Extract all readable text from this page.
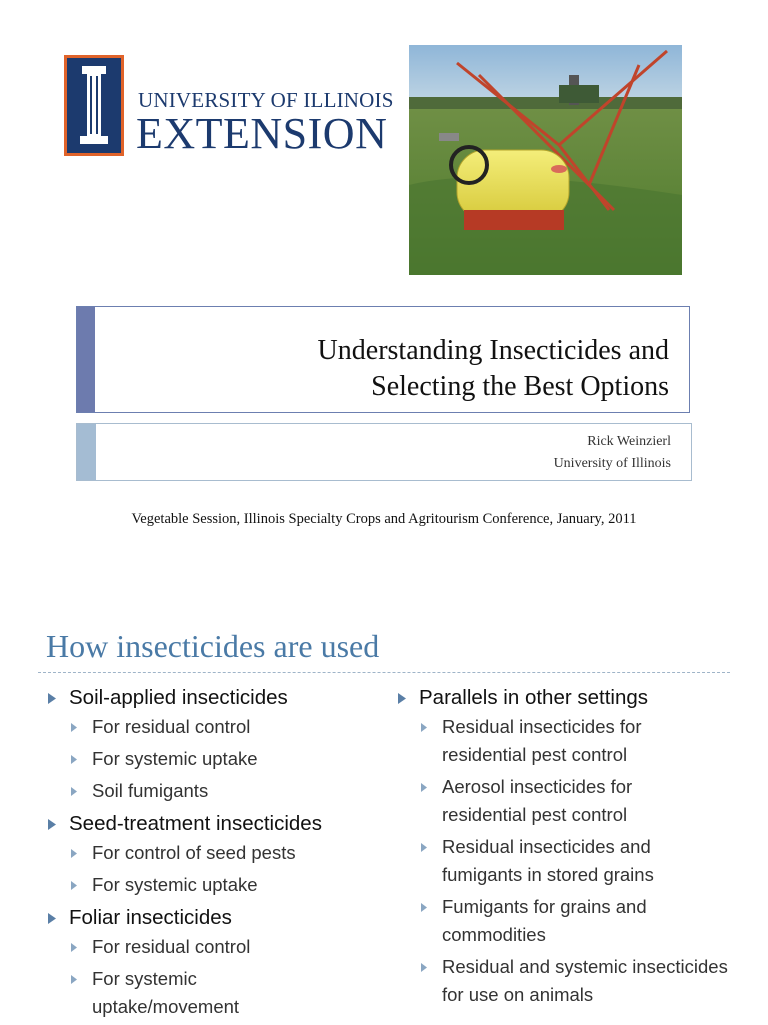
UNIVERSITY OF ILLINOIS
EXTENSION
Understanding Insecticides and
Selecting the Best Options
Rick Weinzierl
University of Illinois
Vegetable Session, Illinois Specialty Crops and Agritourism Conference, January, 2011
How insecticides are used
Soil-applied insecticides
For residual control
For systemic uptake
Soil fumigants
Seed-treatment insecticides
For control of seed pests
For systemic uptake
Foliar insecticides
For residual control
For systemic uptake/movement
Parallels in other settings
Residual insecticides for residential pest control
Aerosol insecticides for residential pest control
Residual insecticides and fumigants in stored grains
Fumigants for grains and commodities
Residual and systemic insecticides for use on animals
